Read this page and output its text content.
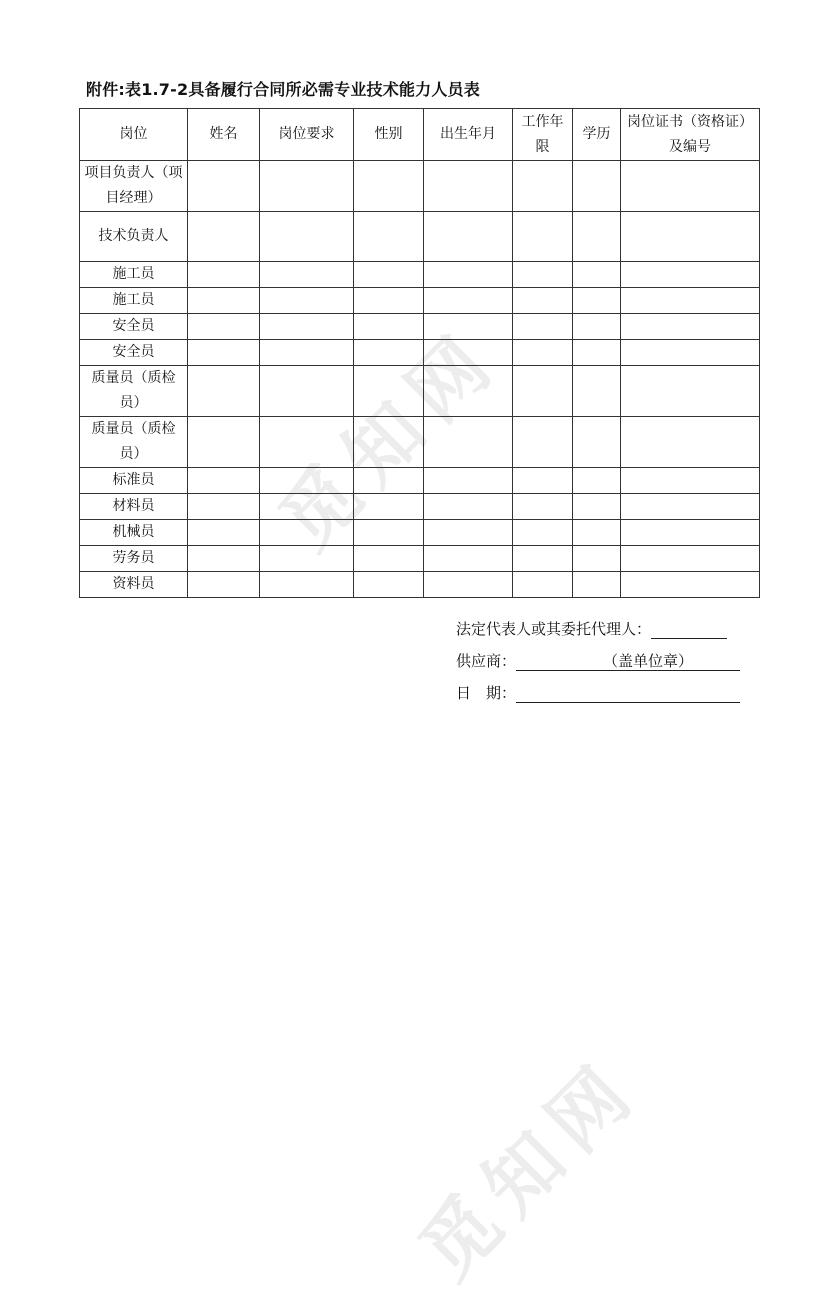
觅知网
觅知网
附件:表1.7-2具备履行合同所必需专业技术能力人员表
岗位	姓名	岗位要求	性别	出生年月	工作年限	学历	岗位证书（资格证）及编号
项目负责人（项目经理）							
技术负责人							
施工员							
施工员							
安全员							
安全员							
质量员（质检员）							
质量员（质检员）							
标准员							
材料员							
机械员							
劳务员							
资料员							
法定代表人或其委托代理人：
供应商：	（盖单位章）
日　期：
